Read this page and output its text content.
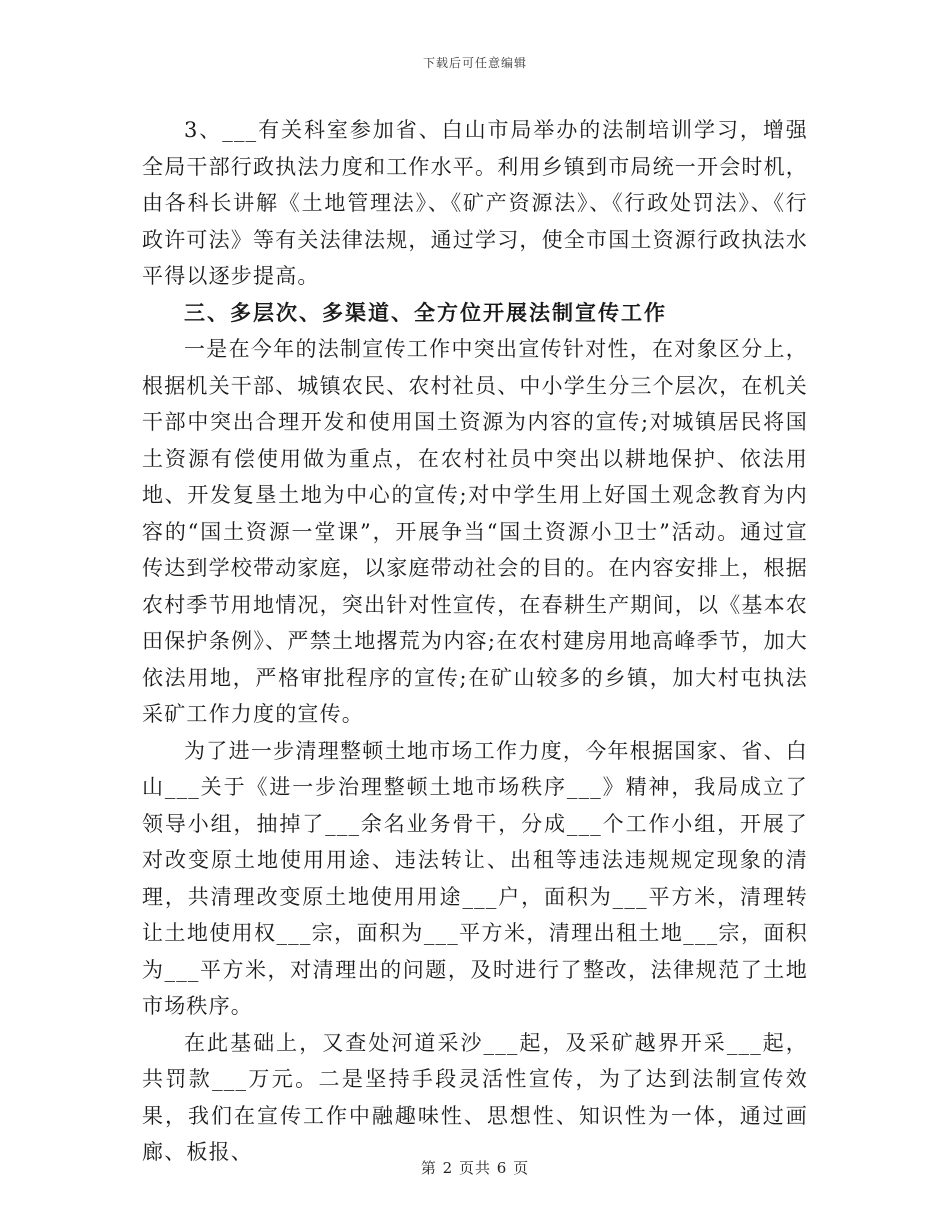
下载后可任意编辑

3、___有关科室参加省、白山市局举办的法制培训学习，增强全局干部行政执法力度和工作水平。利用乡镇到市局统一开会时机，由各科长讲解《土地管理法》、《矿产资源法》、《行政处罚法》、《行政许可法》等有关法律法规，通过学习，使全市国土资源行政执法水平得以逐步提高。

三、多层次、多渠道、全方位开展法制宣传工作

一是在今年的法制宣传工作中突出宣传针对性，在对象区分上，根据机关干部、城镇农民、农村社员、中小学生分三个层次，在机关干部中突出合理开发和使用国土资源为内容的宣传;对城镇居民将国土资源有偿使用做为重点，在农村社员中突出以耕地保护、依法用地、开发复垦土地为中心的宣传;对中学生用上好国土观念教育为内容的“国土资源一堂课”，开展争当“国土资源小卫士”活动。通过宣传达到学校带动家庭，以家庭带动社会的目的。在内容安排上，根据农村季节用地情况，突出针对性宣传，在春耕生产期间，以《基本农田保护条例》、严禁土地撂荒为内容;在农村建房用地高峰季节，加大依法用地，严格审批程序的宣传;在矿山较多的乡镇，加大村屯执法采矿工作力度的宣传。

为了进一步清理整顿土地市场工作力度，今年根据国家、省、白山___关于《进一步治理整顿土地市场秩序___》精神，我局成立了领导小组，抽掉了___余名业务骨干，分成___个工作小组，开展了对改变原土地使用用途、违法转让、出租等违法违规规定现象的清理，共清理改变原土地使用用途___户，面积为___平方米，清理转让土地使用权___宗，面积为___平方米，清理出租土地___宗，面积为___平方米，对清理出的问题，及时进行了整改，法律规范了土地市场秩序。

在此基础上，又查处河道采沙___起，及采矿越界开采___起，共罚款___万元。二是坚持手段灵活性宣传，为了达到法制宣传效果，我们在宣传工作中融趣味性、思想性、知识性为一体，通过画廊、板报、

第 2 页共 6 页
